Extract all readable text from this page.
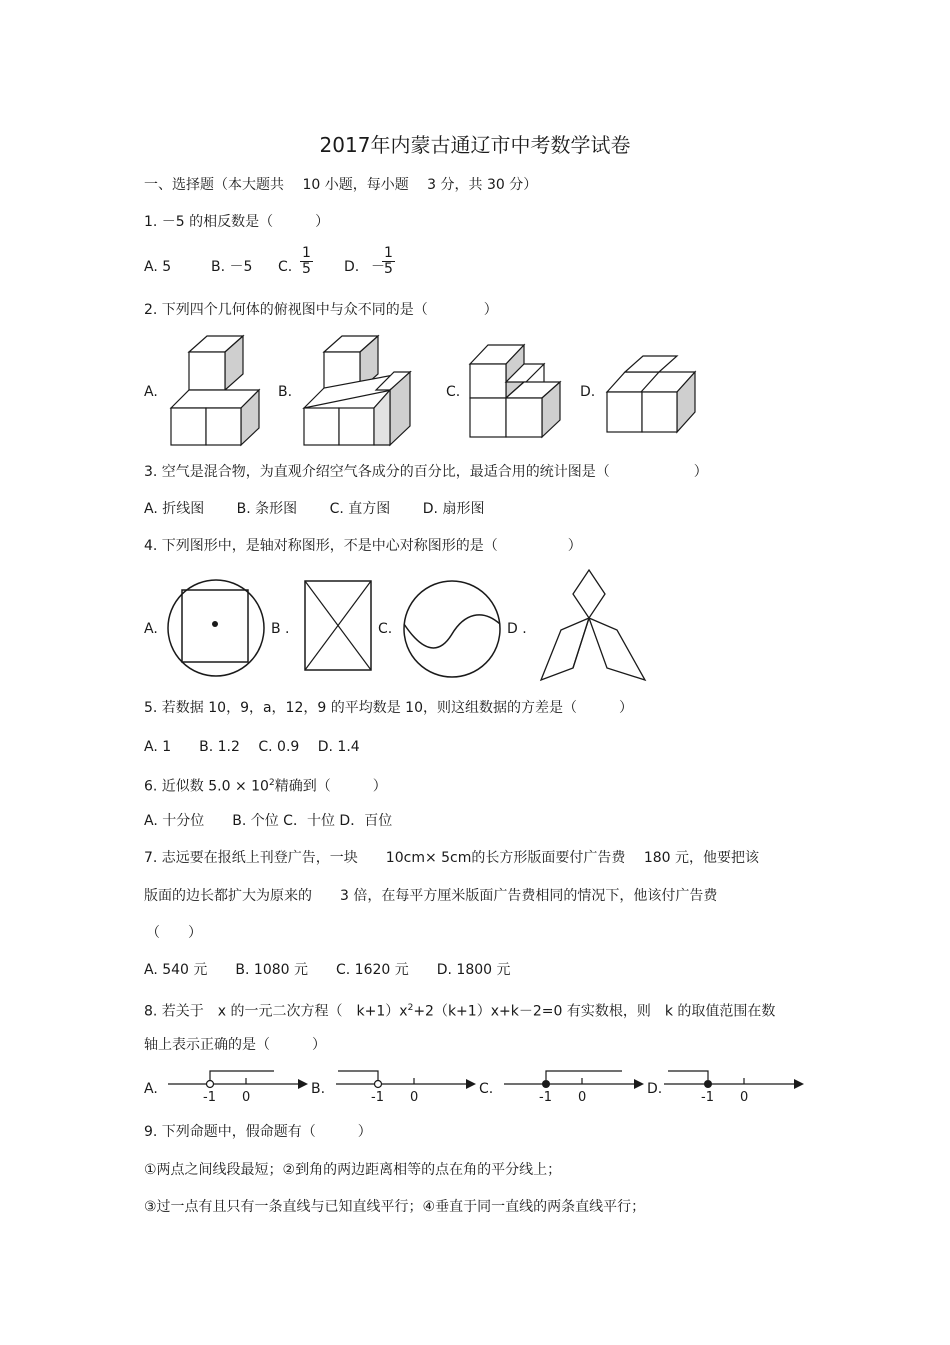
2017年内蒙古通辽市中考数学试卷
一、选择题（本大题共　 10 小题，每小题　 3 分，共 30 分）
1. －5 的相反数是（　　　）
A. 5	B. －5 C. $\frac{1}{5} D$. －
$\frac{1}{5}$
2. 下列四个几何体的俯视图中与众不同的是（　　　　）
A.	B.	C.	D.
3. 空气是混合物，为直观介绍空气各成分的百分比，最适合用的统计图是（　　　　　　）
A. 折线图　　 B. 条形图　　 C. 直方图　　 D. 扇形图
4. 下列图形中，是轴对称图形，不是中心对称图形的是（　　　　　）
A.	B .	C.	D .
5. 若数据 10，9，a，12，9 的平均数是 10，则这组数据的方差是（　　　）
A. 1　　B. 1.2　 C. 0.9　 D. 1.4
6. 近似数 $5.0 \times 10^2$精确到（　　　）
A. 十分位　　B. 个位 C．十位 D．百位
7. 志远要在报纸上刊登广告，一块　　10cm× 5cm的长方形版面要付广告费　 180 元，他要把该
版面的边长都扩大为原来的　　3 倍，在每平方厘米版面广告费相同的情况下，他该付广告费
（　　）
A. 540 元　　B. 1080 元　　C. 1620 元　　D. 1800 元
8. 若关于　x 的一元二次方程（　$k+1)x^2+2(k+1)x+k-2=0$ 有实数根，则　k 的取值范围在数
轴上表示正确的是（　　　）
A.	B.	C.	D.
-1 0	-1 0	-1 0	-1 0
9. 下列命题中，假命题有（　　　）
①两点之间线段最短；②到角的两边距离相等的点在角的平分线上；
③过一点有且只有一条直线与已知直线平行；④垂直于同一直线的两条直线平行；
